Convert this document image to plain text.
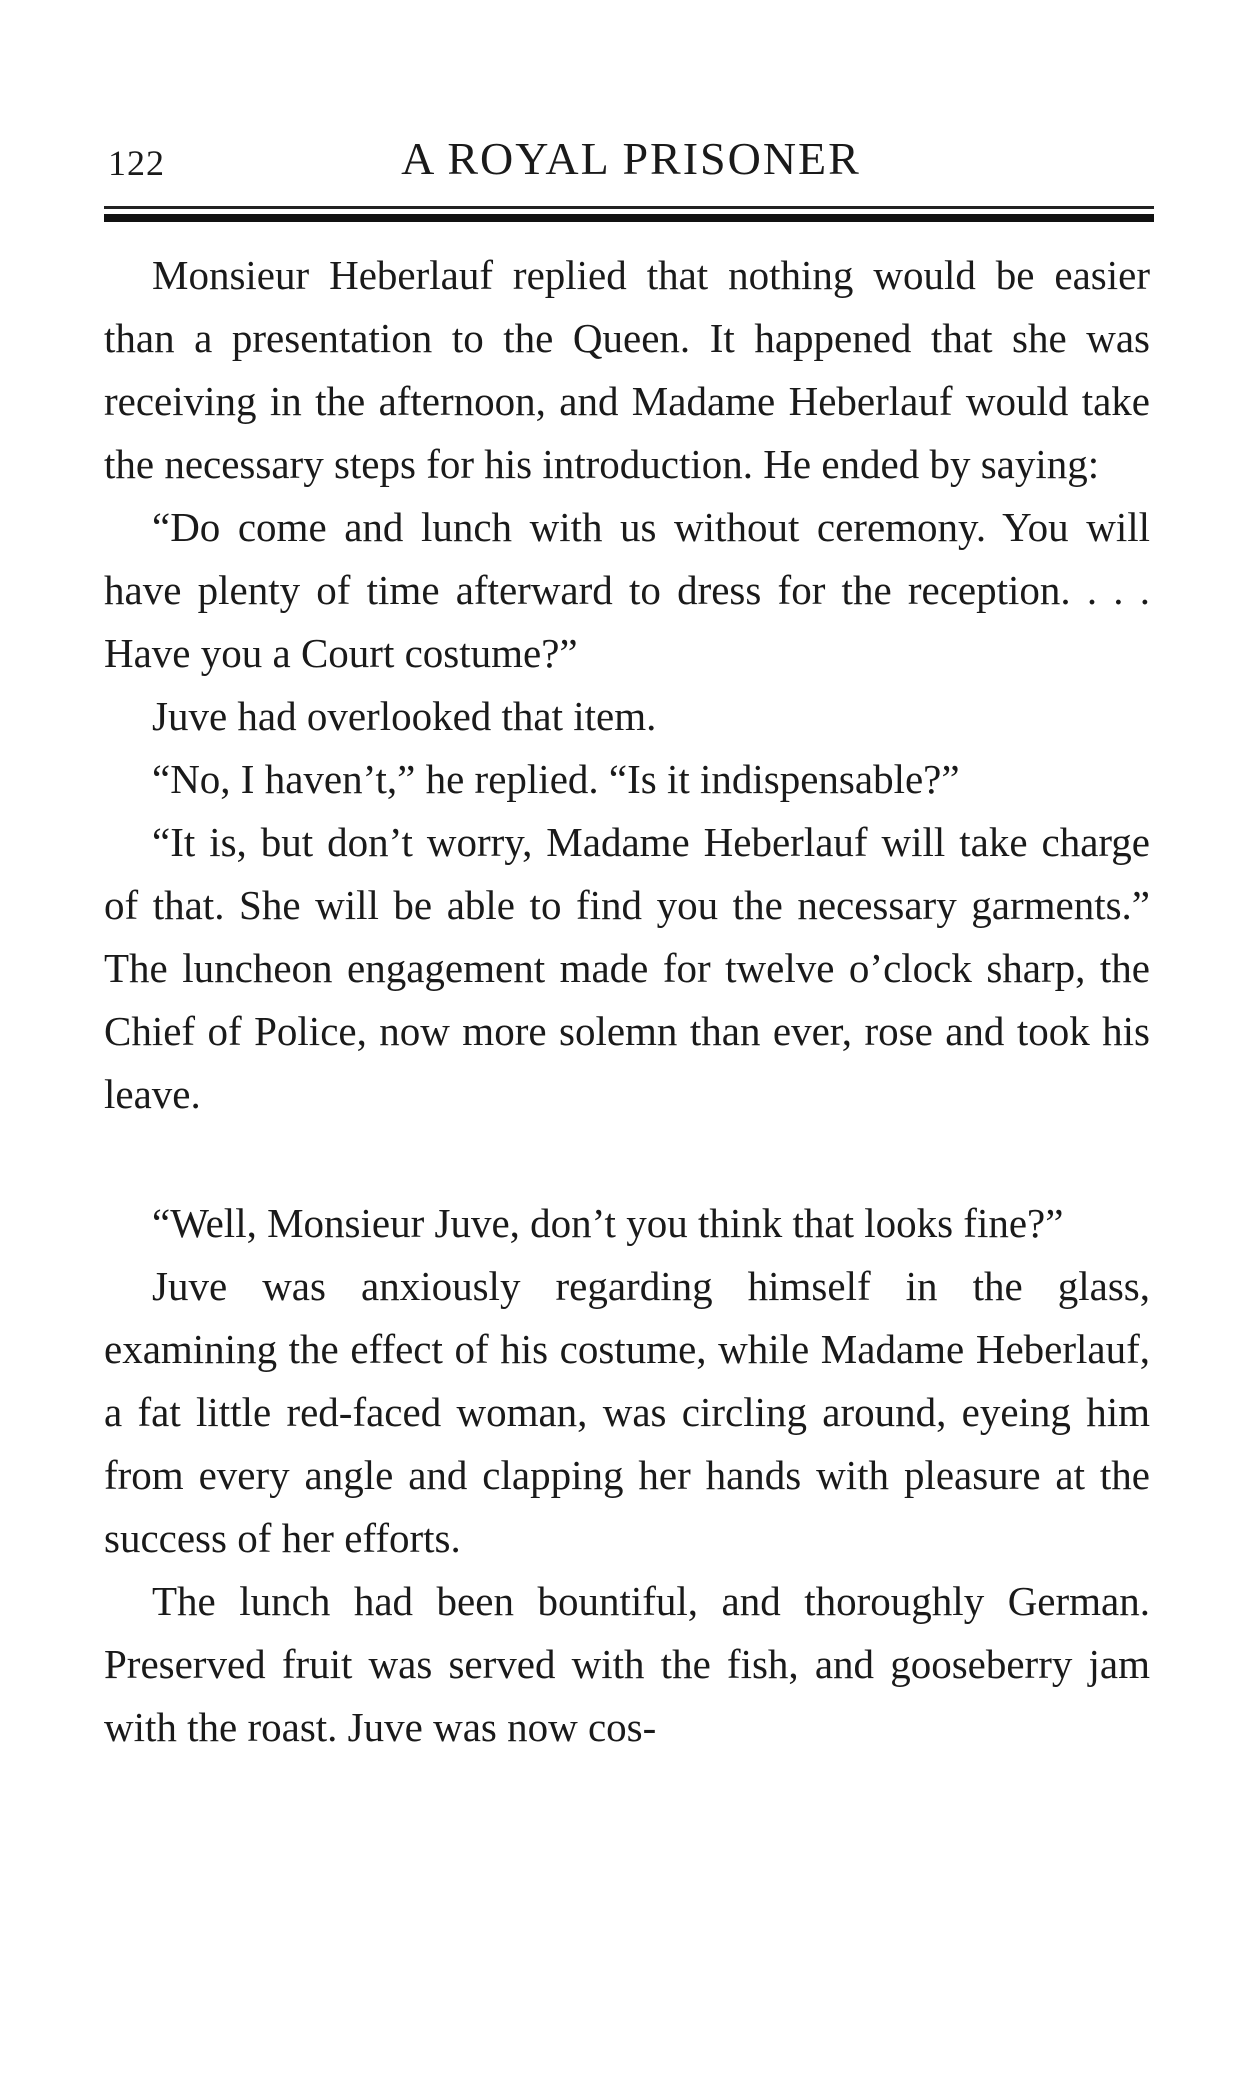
122	A ROYAL PRISONER

Monsieur Heberlauf replied that nothing would be easier than a presentation to the Queen. It happened that she was receiving in the afternoon, and Madame Heberlauf would take the necessary steps for his introduction. He ended by saying:

“Do come and lunch with us without ceremony. You will have plenty of time afterward to dress for the reception. . . . Have you a Court costume?”

Juve had overlooked that item.

“No, I haven’t,” he replied. “Is it indispensable?”

“It is, but don’t worry, Madame Heberlauf will take charge of that. She will be able to find you the necessary garments.” The luncheon engagement made for twelve o’clock sharp, the Chief of Police, now more solemn than ever, rose and took his leave.

“Well, Monsieur Juve, don’t you think that looks fine?”

Juve was anxiously regarding himself in the glass, examining the effect of his costume, while Madame Heberlauf, a fat little red-faced woman, was circling around, eyeing him from every angle and clapping her hands with pleasure at the success of her efforts.

The lunch had been bountiful, and thoroughly German. Preserved fruit was served with the fish, and gooseberry jam with the roast. Juve was now cos-
